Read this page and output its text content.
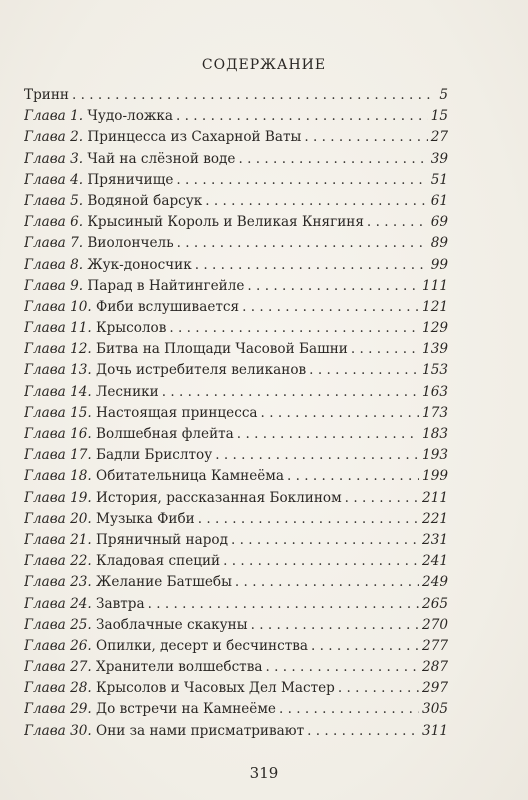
содержание
Тринн . . .	5
Глава 1. Чудо-ложка . . .	15
Глава 2. Принцесса из Сахарной Ваты . . .	27
Глава 3. Чай на слёзной воде . . .	39
Глава 4. Пряничище . . .	51
Глава 5. Водяной барсук . . .	61
Глава 6. Крысиный Король и Великая Княгиня . . .	69
Глава 7. Виолончель . . .	89
Глава 8. Жук-доносчик . . .	99
Глава 9. Парад в Найтингейле . . .	111
Глава 10. Фиби вслушивается . . .	121
Глава 11. Крысолов . . .	129
Глава 12. Битва на Площади Часовой Башни . . .	139
Глава 13. Дочь истребителя великанов . . .	153
Глава 14. Лесники . . .	163
Глава 15. Настоящая принцесса . . .	173
Глава 16. Волшебная флейта . . .	183
Глава 17. Бадли Брислтоу . . .	193
Глава 18. Обитательница Камнеёма . . .	199
Глава 19. История, рассказанная Боклином . . .	211
Глава 20. Музыка Фиби . . .	221
Глава 21. Пряничный народ . . .	231
Глава 22. Кладовая специй . . .	241
Глава 23. Желание Батшебы . . .	249
Глава 24. Завтра . . .	265
Глава 25. Заоблачные скакуны . . .	270
Глава 26. Опилки, десерт и бесчинства . . .	277
Глава 27. Хранители волшебства . . .	287
Глава 28. Крысолов и Часовых Дел Мастер . . .	297
Глава 29. До встречи на Камнеёме . . .	305
Глава 30. Они за нами присматривают . . .	311
319
